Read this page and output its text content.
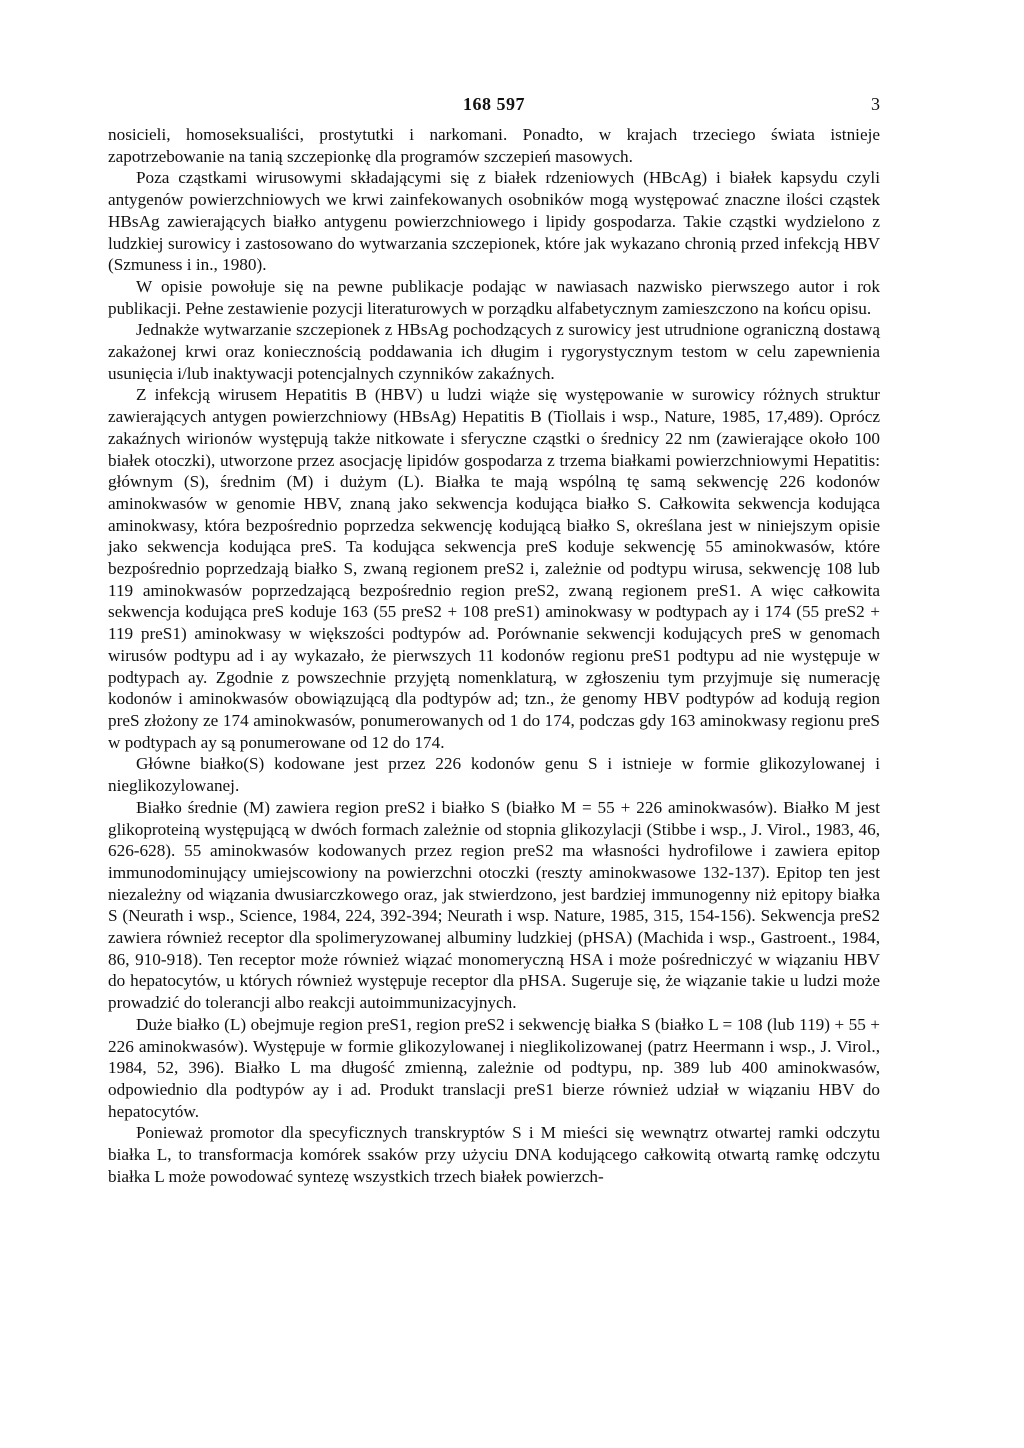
168 597	3

nosicieli, homoseksualiści, prostytutki i narkomani. Ponadto, w krajach trzeciego świata istnieje zapotrzebowanie na tanią szczepionkę dla programów szczepień masowych.

Poza cząstkami wirusowymi składającymi się z białek rdzeniowych (HBcAg) i białek kapsydu czyli antygenów powierzchniowych we krwi zainfekowanych osobników mogą występować znaczne ilości cząstek HBsAg zawierających białko antygenu powierzchniowego i lipidy gospodarza. Takie cząstki wydzielono z ludzkiej surowicy i zastosowano do wytwarzania szczepionek, które jak wykazano chronią przed infekcją HBV (Szmuness i in., 1980).

W opisie powołuje się na pewne publikacje podając w nawiasach nazwisko pierwszego autor i rok publikacji. Pełne zestawienie pozycji literaturowych w porządku alfabetycznym zamieszczono na końcu opisu.

Jednakże wytwarzanie szczepionek z HBsAg pochodzących z surowicy jest utrudnione ograniczną dostawą zakażonej krwi oraz koniecznością poddawania ich długim i rygorystycznym testom w celu zapewnienia usunięcia i/lub inaktywacji potencjalnych czynników zakaźnych.

Z infekcją wirusem Hepatitis B (HBV) u ludzi wiąże się występowanie w surowicy różnych struktur zawierających antygen powierzchniowy (HBsAg) Hepatitis B (Tiollais i wsp., Nature, 1985, 17,489). Oprócz zakaźnych wirionów występują także nitkowate i sferyczne cząstki o średnicy 22 nm (zawierające około 100 białek otoczki), utworzone przez asocjację lipidów gospodarza z trzema białkami powierzchniowymi Hepatitis: głównym (S), średnim (M) i dużym (L). Białka te mają wspólną tę samą sekwencję 226 kodonów aminokwasów w genomie HBV, znaną jako sekwencja kodująca białko S. Całkowita sekwencja kodująca aminokwasy, która bezpośrednio poprzedza sekwencję kodującą białko S, określana jest w niniejszym opisie jako sekwencja kodująca preS. Ta kodująca sekwencja preS koduje sekwencję 55 aminokwasów, które bezpośrednio poprzedzają białko S, zwaną regionem preS2 i, zależnie od podtypu wirusa, sekwencję 108 lub 119 aminokwasów poprzedzającą bezpośrednio region preS2, zwaną regionem preS1. A więc całkowita sekwencja kodująca preS koduje 163 (55 preS2 + 108 preS1) aminokwasy w podtypach ay i 174 (55 preS2 + 119 preS1) aminokwasy w większości podtypów ad. Porównanie sekwencji kodujących preS w genomach wirusów podtypu ad i ay wykazało, że pierwszych 11 kodonów regionu preS1 podtypu ad nie występuje w podtypach ay. Zgodnie z powszechnie przyjętą nomenklaturą, w zgłoszeniu tym przyjmuje się numerację kodonów i aminokwasów obowiązującą dla podtypów ad; tzn., że genomy HBV podtypów ad kodują region preS złożony ze 174 aminokwasów, ponumerowanych od 1 do 174, podczas gdy 163 aminokwasy regionu preS w podtypach ay są ponumerowane od 12 do 174.

Główne białko(S) kodowane jest przez 226 kodonów genu S i istnieje w formie glikozylowanej i nieglikozylowanej.

Białko średnie (M) zawiera region preS2 i białko S (białko M = 55 + 226 aminokwasów). Białko M jest glikoproteiną występującą w dwóch formach zależnie od stopnia glikozylacji (Stibbe i wsp., J. Virol., 1983, 46, 626-628). 55 aminokwasów kodowanych przez region preS2 ma własności hydrofilowe i zawiera epitop immunodominujący umiejscowiony na powierzchni otoczki (reszty aminokwasowe 132-137). Epitop ten jest niezależny od wiązania dwusiarczkowego oraz, jak stwierdzono, jest bardziej immunogenny niż epitopy białka S (Neurath i wsp., Science, 1984, 224, 392-394; Neurath i wsp. Nature, 1985, 315, 154-156). Sekwencja preS2 zawiera również receptor dla spolimeryzowanej albuminy ludzkiej (pHSA) (Machida i wsp., Gastroent., 1984, 86, 910-918). Ten receptor może również wiązać monomeryczną HSA i może pośredniczyć w wiązaniu HBV do hepatocytów, u których również występuje receptor dla pHSA. Sugeruje się, że wiązanie takie u ludzi może prowadzić do tolerancji albo reakcji autoimmunizacyjnych.

Duże białko (L) obejmuje region preS1, region preS2 i sekwencję białka S (białko L = 108 (lub 119) + 55 + 226 aminokwasów). Występuje w formie glikozylowanej i nieglikolizowanej (patrz Heermann i wsp., J. Virol., 1984, 52, 396). Białko L ma długość zmienną, zależnie od podtypu, np. 389 lub 400 aminokwasów, odpowiednio dla podtypów ay i ad. Produkt translacji preS1 bierze również udział w wiązaniu HBV do hepatocytów.

Ponieważ promotor dla specyficznych transkryptów S i M mieści się wewnątrz otwartej ramki odczytu białka L, to transformacja komórek ssaków przy użyciu DNA kodującego całkowitą otwartą ramkę odczytu białka L może powodować syntezę wszystkich trzech białek powierzch-
